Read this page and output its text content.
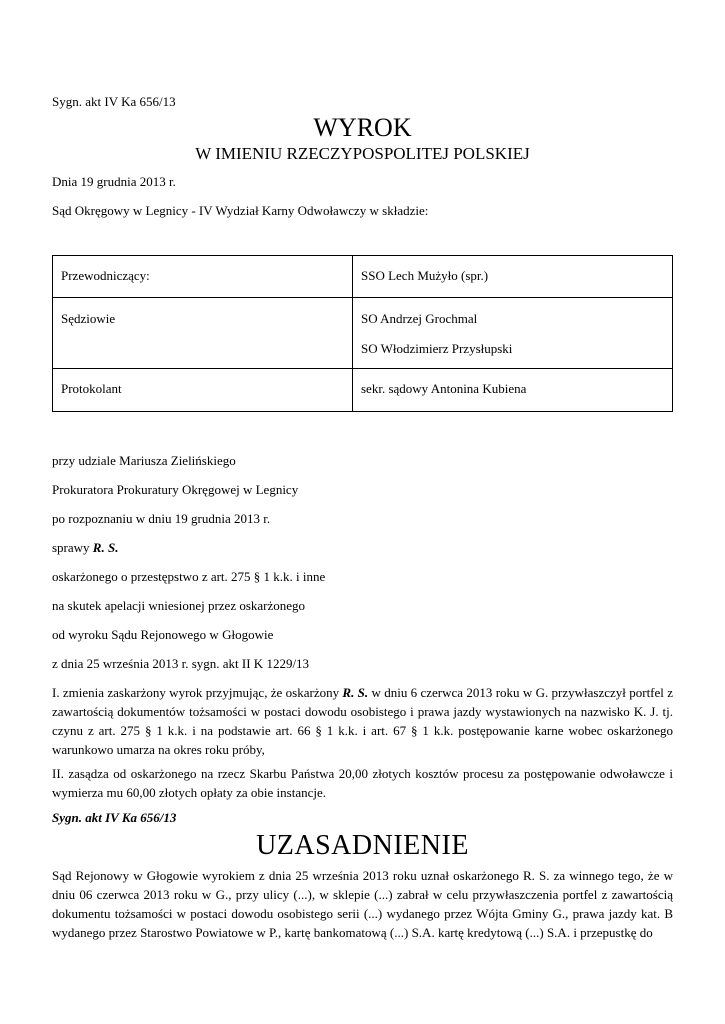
Sygn. akt IV Ka 656/13
WYROK
W IMIENIU RZECZYPOSPOLITEJ POLSKIEJ
Dnia 19 grudnia 2013 r.
Sąd Okręgowy w Legnicy - IV Wydział Karny Odwoławczy w składzie:
Przewodniczący:	SSO Lech Mużyło (spr.)
Sędziowie	SO Andrzej Grochmal
SO Włodzimierz Przysłupski

Protokolant	sekr. sądowy Antonina Kubiena
przy udziale Mariusza Zielińskiego
Prokuratora Prokuratury Okręgowej w Legnicy
po rozpoznaniu w dniu 19 grudnia 2013 r.
sprawy R. S.
oskarżonego o przestępstwo z art. 275 § 1 k.k. i inne
na skutek apelacji wniesionej przez oskarżonego
od wyroku Sądu Rejonowego w Głogowie
z dnia 25 września 2013 r. sygn. akt II K 1229/13
I. zmienia zaskarżony wyrok przyjmując, że oskarżony R. S. w dniu 6 czerwca 2013 roku w G. przywłaszczył portfel z zawartością dokumentów tożsamości w postaci dowodu osobistego i prawa jazdy wystawionych na nazwisko K. J. tj. czynu z art. 275 § 1 k.k. i na podstawie art. 66 § 1 k.k. i art. 67 § 1 k.k. postępowanie karne wobec oskarżonego warunkowo umarza na okres roku próby,
II. zasądza od oskarżonego na rzecz Skarbu Państwa 20,00 złotych kosztów procesu za postępowanie odwoławcze i wymierza mu 60,00 złotych opłaty za obie instancje.
Sygn. akt IV Ka 656/13
UZASADNIENIE
Sąd Rejonowy w Głogowie wyrokiem z dnia 25 września 2013 roku uznał oskarżonego R. S. za winnego tego, że w dniu 06 czerwca 2013 roku w G., przy ulicy (...), w sklepie (...) zabrał w celu przywłaszczenia portfel z zawartością dokumentu tożsamości w postaci dowodu osobistego serii (...) wydanego przez Wójta Gminy G., prawa jazdy kat. B wydanego przez Starostwo Powiatowe w P., kartę bankomatową (...) S.A. kartę kredytową (...) S.A. i przepustkę do
